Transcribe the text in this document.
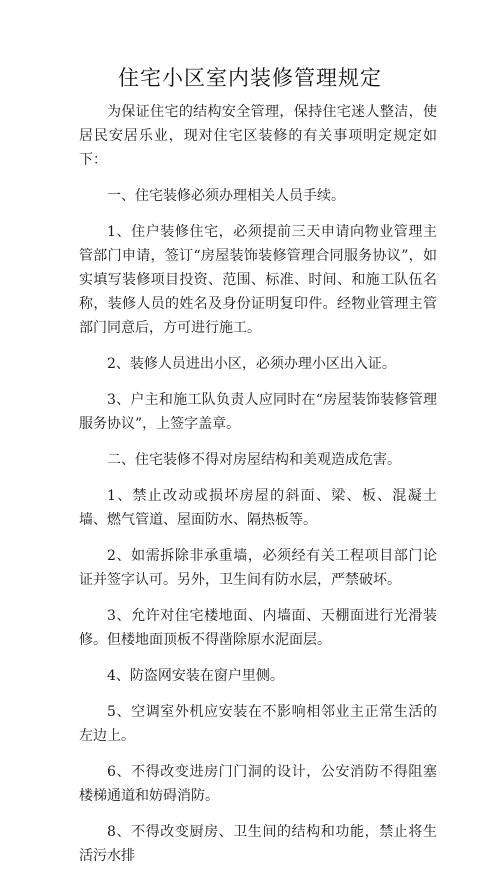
住宅小区室内装修管理规定

为保证住宅的结构安全管理，保持住宅迷人整洁，使居民安居乐业，现对住宅区装修的有关事项明定规定如下：

一、住宅装修必须办理相关人员手续。

1、住户装修住宅，必须提前三天申请向物业管理主管部门申请，签订“房屋装饰装修管理合同服务协议”，如实填写装修项目投资、范围、标准、时间、和施工队伍名称，装修人员的姓名及身份证明复印件。经物业管理主管部门同意后，方可进行施工。

2、装修人员进出小区，必须办理小区出入证。

3、户主和施工队负责人应同时在“房屋装饰装修管理服务协议”，上签字盖章。

二、住宅装修不得对房屋结构和美观造成危害。

1、禁止改动或损坏房屋的斜面、梁、板、混凝土墙、燃气管道、屋面防水、隔热板等。

2、如需拆除非承重墙，必须经有关工程项目部门论证并签字认可。另外，卫生间有防水层，严禁破坏。

3、允许对住宅楼地面、内墙面、天棚面进行光滑装修。但楼地面顶板不得凿除原水泥面层。

4、防盗网安装在窗户里侧。

5、空调室外机应安装在不影响相邻业主正常生活的左边上。

6、不得改变进房门门洞的设计，公安消防不得阻塞楼梯通道和妨碍消防。

8、不得改变厨房、卫生间的结构和功能，禁止将生活污水排
